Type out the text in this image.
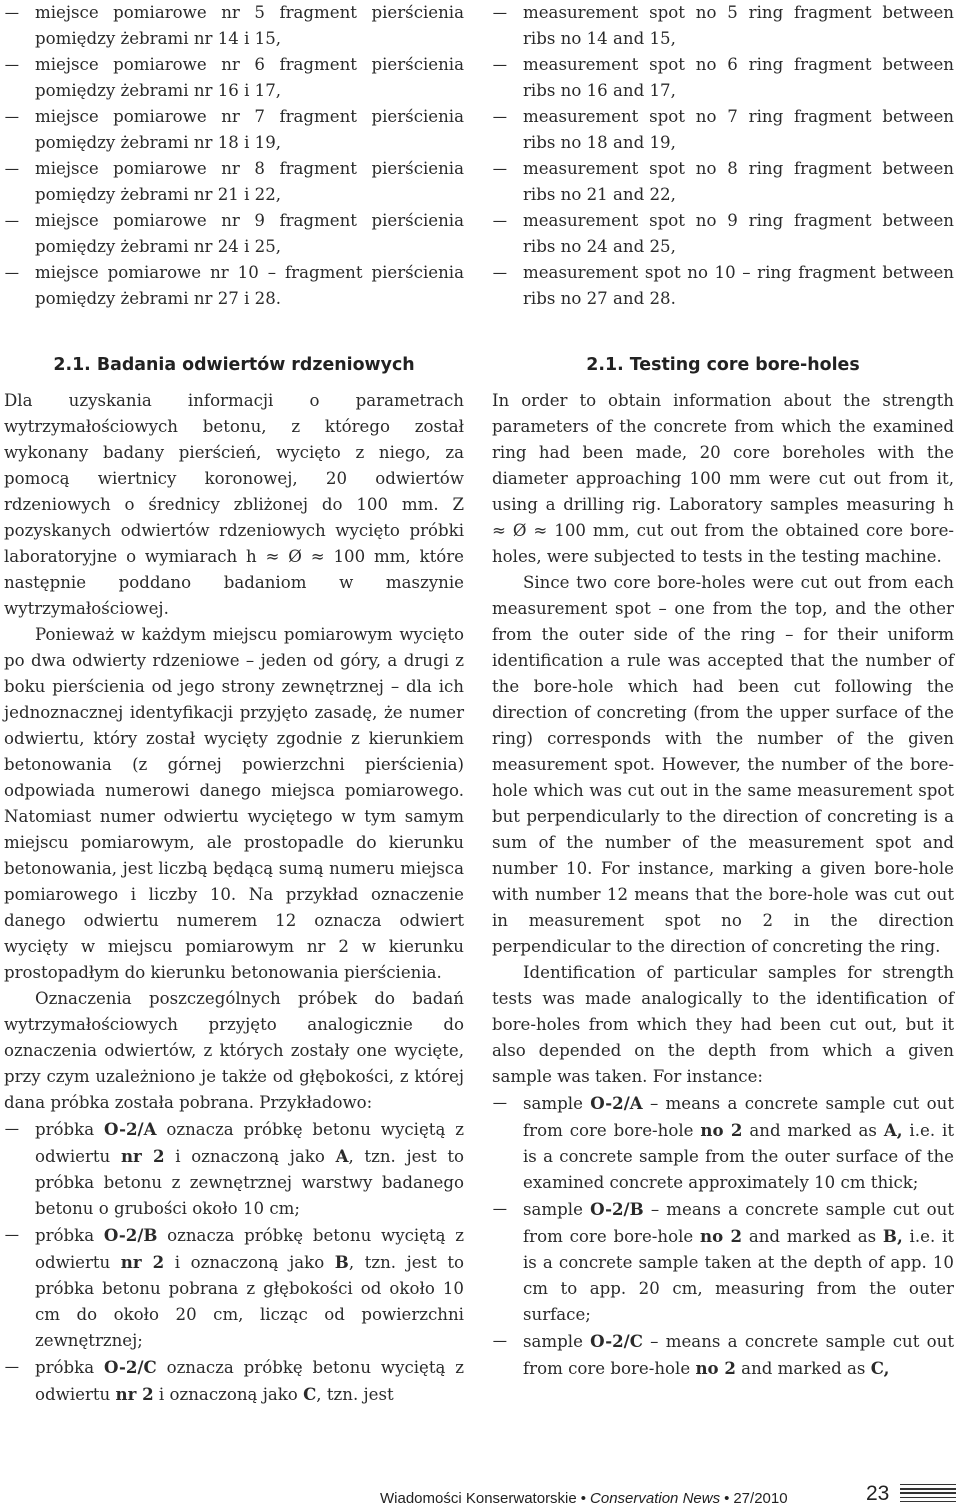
– miejsce pomiarowe nr 5 fragment pierścienia pomiędzy żebrami nr 14 i 15,
– miejsce pomiarowe nr 6 fragment pierścienia pomiędzy żebrami nr 16 i 17,
– miejsce pomiarowe nr 7 fragment pierścienia pomiędzy żebrami nr 18 i 19,
– miejsce pomiarowe nr 8 fragment pierścienia pomiędzy żebrami nr 21 i 22,
– miejsce pomiarowe nr 9 fragment pierścienia pomiędzy żebrami nr 24 i 25,
– miejsce pomiarowe nr 10 – fragment pierścienia pomiędzy żebrami nr 27 i 28.
2.1. Badania odwiertów rdzeniowych

Dla uzyskania informacji o parametrach wytrzymałościowych betonu, z którego został wykonany badany pierścień, wycięto z niego, za pomocą wiertnicy koronowej, 20 odwiertów rdzeniowych o średnicy zbliżonej do 100 mm. Z pozyskanych odwiertów rdzeniowych wycięto próbki laboratoryjne o wymiarach h ≈ Ø ≈ 100 mm, które następnie poddano badaniom w maszynie wytrzymałościowej.

Ponieważ w każdym miejscu pomiarowym wycięto po dwa odwierty rdzeniowe – jeden od góry, a drugi z boku pierścienia od jego strony zewnętrznej – dla ich jednoznacznej identyfikacji przyjęto zasadę, że numer odwiertu, który został wycięty zgodnie z kierunkiem betonowania (z górnej powierzchni pierścienia) odpowiada numerowi danego miejsca pomiarowego. Natomiast numer odwiertu wyciętego w tym samym miejscu pomiarowym, ale prostopadle do kierunku betonowania, jest liczbą będącą sumą numeru miejsca pomiarowego i liczby 10. Na przykład oznaczenie danego odwiertu numerem 12 oznacza odwiert wycięty w miejscu pomiarowym nr 2 w kierunku prostopadłym do kierunku betonowania pierścienia.

Oznaczenia poszczególnych próbek do badań wytrzymałościowych przyjęto analogicznie do oznaczenia odwiertów, z których zostały one wycięte, przy czym uzależniono je także od głębokości, z której dana próbka została pobrana. Przykładowo:

– próbka O-2/A oznacza próbkę betonu wyciętą z odwiertu nr 2 i oznaczoną jako A, tzn. jest to próbka betonu z zewnętrznej warstwy badanego betonu o grubości około 10 cm;
– próbka O-2/B oznacza próbkę betonu wyciętą z odwiertu nr 2 i oznaczoną jako B, tzn. jest to próbka betonu pobrana z głębokości od około 10 cm do około 20 cm, licząc od powierzchni zewnętrznej;
– próbka O-2/C oznacza próbkę betonu wyciętą z odwiertu nr 2 i oznaczoną jako C, tzn. jest
– measurement spot no 5 ring fragment between ribs no 14 and 15,
– measurement spot no 6 ring fragment between ribs no 16 and 17,
– measurement spot no 7 ring fragment between ribs no 18 and 19,
– measurement spot no 8 ring fragment between ribs no 21 and 22,
– measurement spot no 9 ring fragment between ribs no 24 and 25,
– measurement spot no 10 – ring fragment between ribs no 27 and 28.
2.1. Testing core bore-holes

In order to obtain information about the strength parameters of the concrete from which the examined ring had been made, 20 core boreholes with the diameter approaching 100 mm were cut out from it, using a drilling rig. Laboratory samples measuring h ≈ Ø ≈ 100 mm, cut out from the obtained core bore-holes, were subjected to tests in the testing machine.

Since two core bore-holes were cut out from each measurement spot – one from the top, and the other from the outer side of the ring – for their uniform identification a rule was accepted that the number of the bore-hole which had been cut following the direction of concreting (from the upper surface of the ring) corresponds with the number of the given measurement spot. However, the number of the bore-hole which was cut out in the same measurement spot but perpendicularly to the direction of concreting is a sum of the number of the measurement spot and number 10. For instance, marking a given bore-hole with number 12 means that the bore-hole was cut out in measurement spot no 2 in the direction perpendicular to the direction of concreting the ring.

Identification of particular samples for strength tests was made analogically to the identification of bore-holes from which they had been cut out, but it also depended on the depth from which a given sample was taken. For instance:

– sample O-2/A – means a concrete sample cut out from core bore-hole no 2 and marked as A, i.e. it is a concrete sample from the outer surface of the examined concrete approximately 10 cm thick;
– sample O-2/B – means a concrete sample cut out from core bore-hole no 2 and marked as B, i.e. it is a concrete sample taken at the depth of app. 10 cm to app. 20 cm, measuring from the outer surface;
– sample O-2/C – means a concrete sample cut out from core bore-hole no 2 and marked as C,
Wiadomości Konserwatorskie • Conservation News • 27/2010	23
